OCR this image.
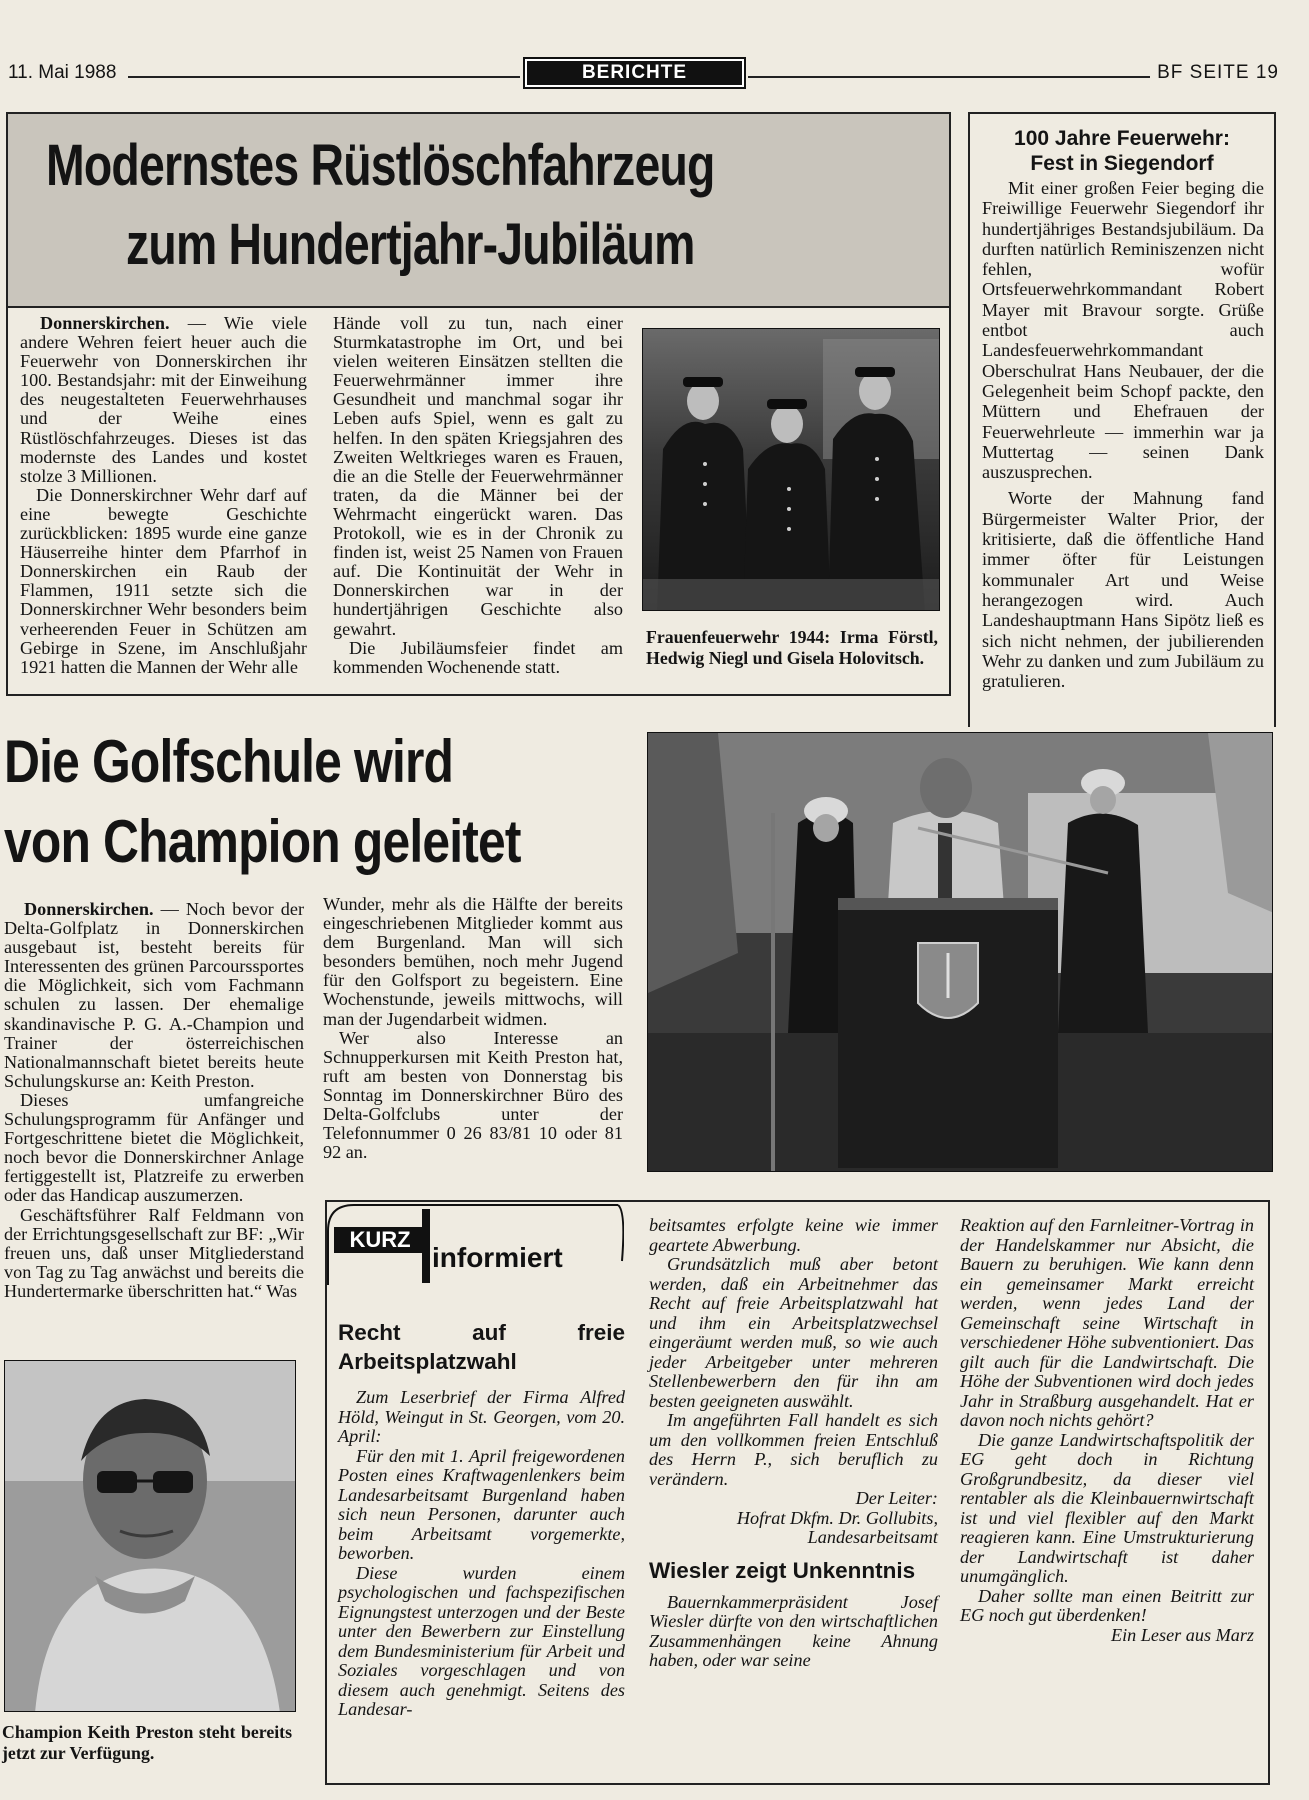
11. Mai 1988	BERICHTE	BF SEITE 19
Modernstes Rüstlöschfahrzeug
zum Hundertjahr-Jubiläum

Donnerskirchen. — Wie viele andere Wehren feiert heuer auch die Feuerwehr von Donnerskirchen ihr 100. Bestandsjahr: mit der Einweihung des neugestalteten Feuerwehrhauses und der Weihe eines Rüstlöschfahrzeuges. Dieses ist das modernste des Landes und kostet stolze 3 Millionen.

Die Donnerskirchner Wehr darf auf eine bewegte Geschichte zurückblicken: 1895 wurde eine ganze Häuserreihe hinter dem Pfarrhof in Donnerskirchen ein Raub der Flammen, 1911 setzte sich die Donnerskirchner Wehr besonders beim verheerenden Feuer in Schützen am Gebirge in Szene, im Anschlußjahr 1921 hatten die Mannen der Wehr alle

Hände voll zu tun, nach einer Sturmkatastrophe im Ort, und bei vielen weiteren Einsätzen stellten die Feuerwehrmänner immer ihre Gesundheit und manchmal sogar ihr Leben aufs Spiel, wenn es galt zu helfen. In den späten Kriegsjahren des Zweiten Weltkrieges waren es Frauen, die an die Stelle der Feuerwehrmänner traten, da die Männer bei der Wehrmacht eingerückt waren. Das Protokoll, wie es in der Chronik zu finden ist, weist 25 Namen von Frauen auf. Die Kontinuität der Wehr in Donnerskirchen war in der hundertjährigen Geschichte also gewahrt.

Die Jubiläumsfeier findet am kommenden Wochenende statt.

Frauenfeuerwehr 1944: Irma Förstl, Hedwig Niegl und Gisela Holovitsch.
100 Jahre Feuerwehr:
Fest in Siegendorf

Mit einer großen Feier beging die Freiwillige Feuerwehr Siegendorf ihr hundertjähriges Bestandsjubiläum. Da durften natürlich Reminiszenzen nicht fehlen, wofür Ortsfeuerwehrkommandant Robert Mayer mit Bravour sorgte. Grüße entbot auch Landesfeuerwehrkommandant Oberschulrat Hans Neubauer, der die Gelegenheit beim Schopf packte, den Müttern und Ehefrauen der Feuerwehrleute — immerhin war ja Muttertag — seinen Dank auszusprechen.

Worte der Mahnung fand Bürgermeister Walter Prior, der kritisierte, daß die öffentliche Hand immer öfter für Leistungen kommunaler Art und Weise herangezogen wird. Auch Landeshauptmann Hans Sipötz ließ es sich nicht nehmen, der jubilierenden Wehr zu danken und zum Jubiläum zu gratulieren.

Die Golfschule wird
von Champion geleitet

Donnerskirchen. — Noch bevor der Delta-Golfplatz in Donnerskirchen ausgebaut ist, besteht bereits für Interessenten des grünen Parcourssportes die Möglichkeit, sich vom Fachmann schulen zu lassen. Der ehemalige skandinavische P. G. A.-Champion und Trainer der österreichischen Nationalmannschaft bietet bereits heute Schulungskurse an: Keith Preston.

Dieses umfangreiche Schulungsprogramm für Anfänger und Fortgeschrittene bietet die Möglichkeit, noch bevor die Donnerskirchner Anlage fertiggestellt ist, Platzreife zu erwerben oder das Handicap auszumerzen.

Geschäftsführer Ralf Feldmann von der Errichtungsgesellschaft zur BF: „Wir freuen uns, daß unser Mitgliederstand von Tag zu Tag anwächst und bereits die Hundertermarke überschritten hat.“ Was

Wunder, mehr als die Hälfte der bereits eingeschriebenen Mitglieder kommt aus dem Burgenland. Man will sich besonders bemühen, noch mehr Jugend für den Golfsport zu begeistern. Eine Wochenstunde, jeweils mittwochs, will man der Jugendarbeit widmen.

Wer also Interesse an Schnupperkursen mit Keith Preston hat, ruft am besten von Donnerstag bis Sonntag im Donnerskirchner Büro des Delta-Golfclubs unter der Telefonnummer 0 26 83/81 10 oder 81 92 an.

Champion Keith Preston steht bereits jetzt zur Verfügung.
KURZ
informiert
Recht auf freie Arbeitsplatzwahl

Zum Leserbrief der Firma Alfred Höld, Weingut in St. Georgen, vom 20. April:

Für den mit 1. April freigewordenen Posten eines Kraftwagenlenkers beim Landesarbeitsamt Burgenland haben sich neun Personen, darunter auch beim Arbeitsamt vorgemerkte, beworben.

Diese wurden einem psychologischen und fachspezifischen Eignungstest unterzogen und der Beste unter den Bewerbern zur Einstellung dem Bundesministerium für Arbeit und Soziales vorgeschlagen und von diesem auch genehmigt. Seitens des Landesar-

beitsamtes erfolgte keine wie immer geartete Abwerbung.

Grundsätzlich muß aber betont werden, daß ein Arbeitnehmer das Recht auf freie Arbeitsplatzwahl hat und ihm ein Arbeitsplatzwechsel eingeräumt werden muß, so wie auch jeder Arbeitgeber unter mehreren Stellenbewerbern den für ihn am besten geeigneten auswählt.

Im angeführten Fall handelt es sich um den vollkommen freien Entschluß des Herrn P., sich beruflich zu verändern.

Der Leiter:
Hofrat Dkfm. Dr. Gollubits,
Landesarbeitsamt
Wiesler zeigt Unkenntnis

Bauernkammerpräsident Josef Wiesler dürfte von den wirtschaftlichen Zusammenhängen keine Ahnung haben, oder war seine

Reaktion auf den Farnleitner-Vortrag in der Handelskammer nur Absicht, die Bauern zu beruhigen. Wie kann denn ein gemeinsamer Markt erreicht werden, wenn jedes Land der Gemeinschaft seine Wirtschaft in verschiedener Höhe subventioniert. Das gilt auch für die Landwirtschaft. Die Höhe der Subventionen wird doch jedes Jahr in Straßburg ausgehandelt. Hat er davon noch nichts gehört?

Die ganze Landwirtschaftspolitik der EG geht doch in Richtung Großgrundbesitz, da dieser viel rentabler als die Kleinbauernwirtschaft ist und viel flexibler auf den Markt reagieren kann. Eine Umstrukturierung der Landwirtschaft ist daher unumgänglich.

Daher sollte man einen Beitritt zur EG noch gut überdenken!

Ein Leser aus Marz
